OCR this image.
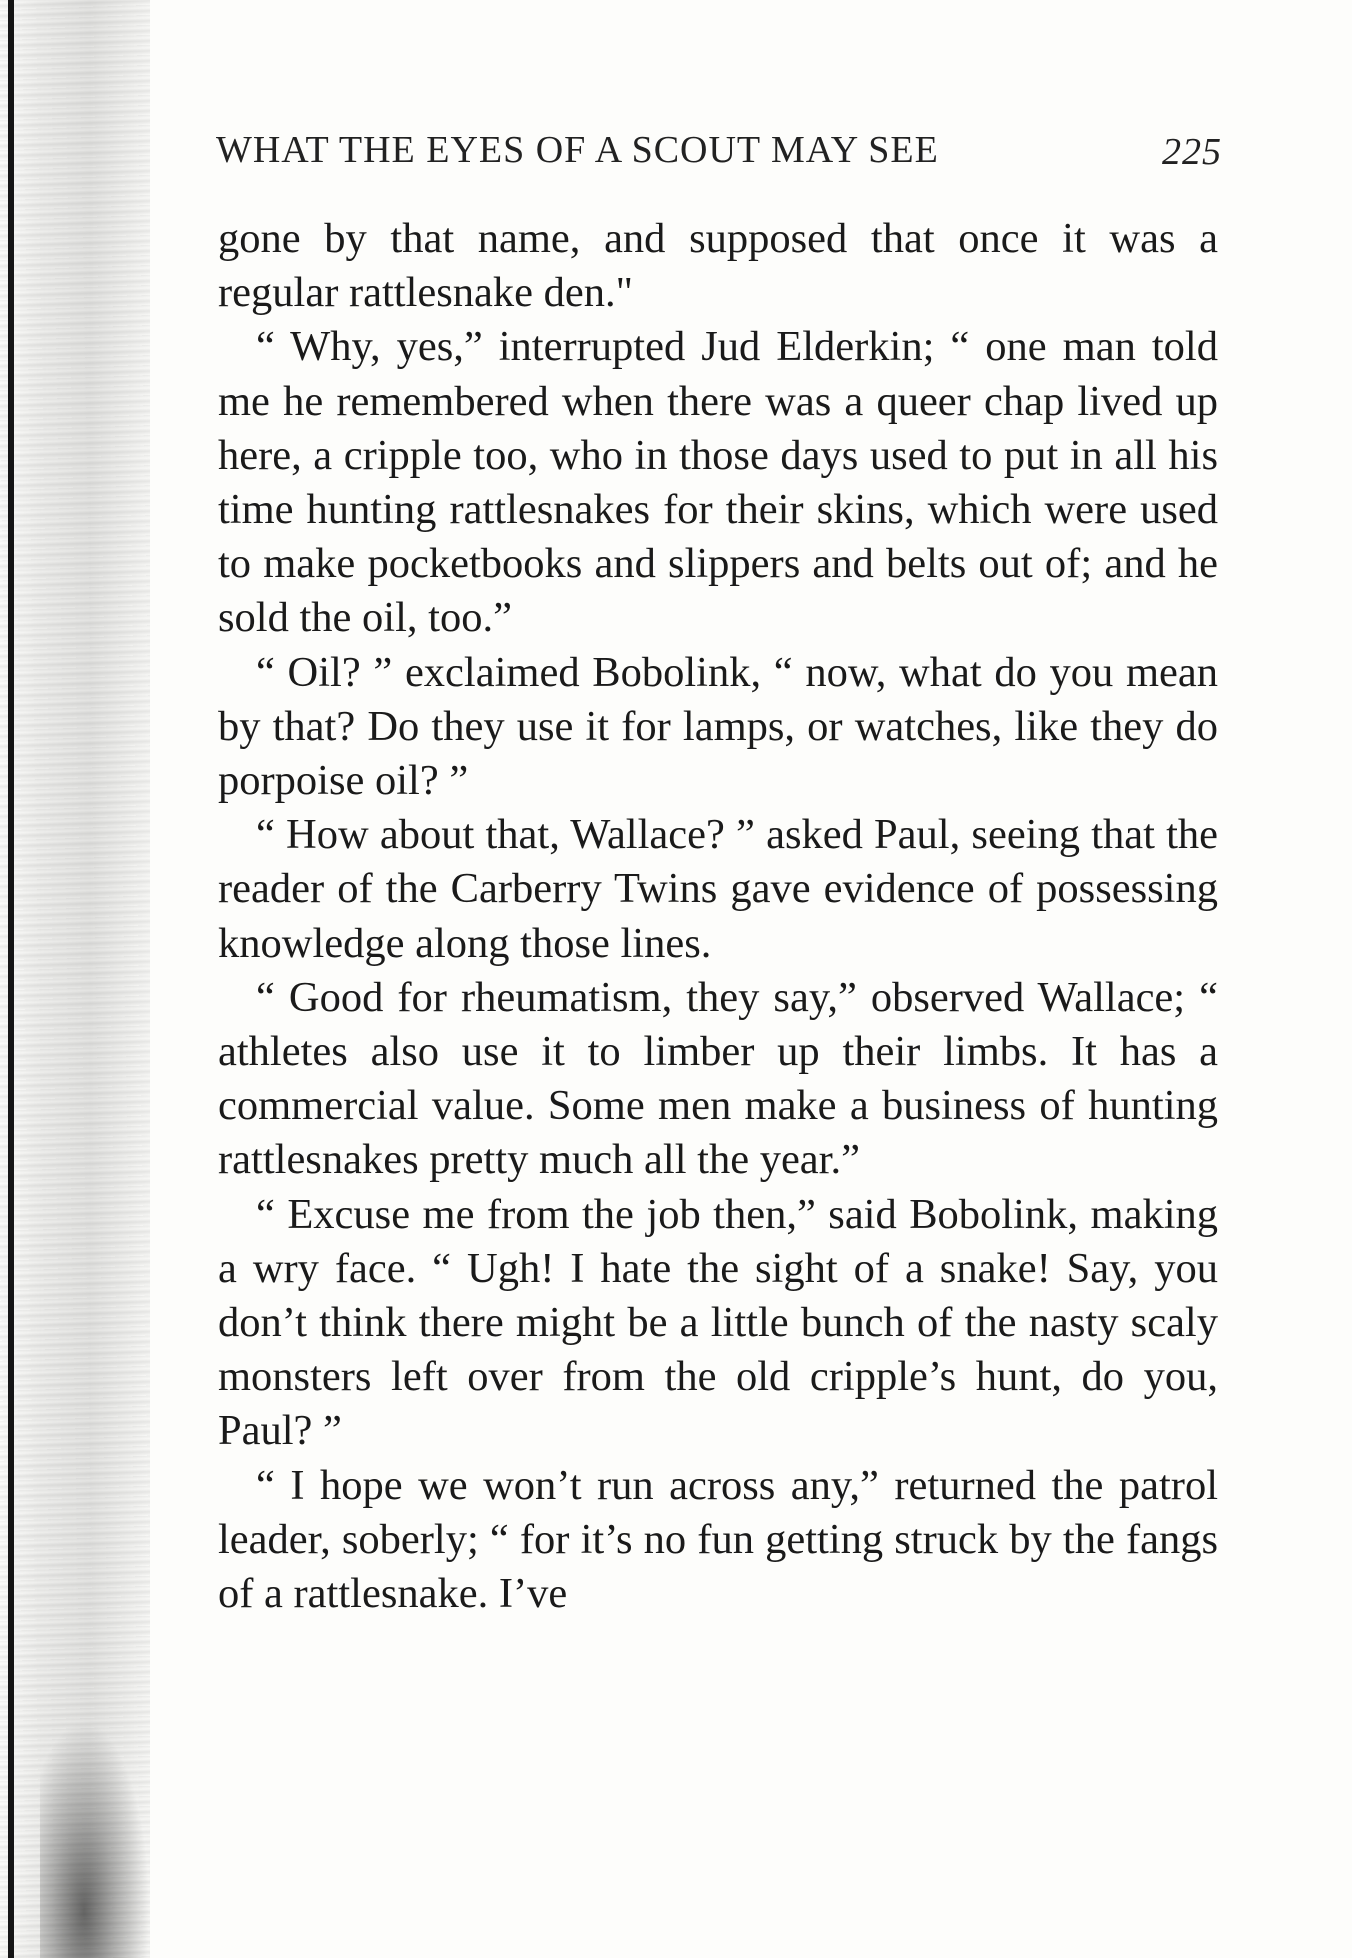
WHAT THE EYES OF A SCOUT MAY SEE	225

gone by that name, and supposed that once it was a regular rattlesnake den."

“ Why, yes,” interrupted Jud Elderkin; “ one man told me he remembered when there was a queer chap lived up here, a cripple too, who in those days used to put in all his time hunting rattlesnakes for their skins, which were used to make pocketbooks and slippers and belts out of; and he sold the oil, too.”

“ Oil? ” exclaimed Bobolink, “ now, what do you mean by that? Do they use it for lamps, or watches, like they do porpoise oil? ”

“ How about that, Wallace? ” asked Paul, seeing that the reader of the Carberry Twins gave evidence of possessing knowledge along those lines.

“ Good for rheumatism, they say,” observed Wallace; “ athletes also use it to limber up their limbs. It has a commercial value. Some men make a business of hunting rattlesnakes pretty much all the year.”

“ Excuse me from the job then,” said Bobolink, making a wry face. “ Ugh! I hate the sight of a snake! Say, you don’t think there might be a little bunch of the nasty scaly monsters left over from the old cripple’s hunt, do you, Paul? ”

“ I hope we won’t run across any,” returned the patrol leader, soberly; “ for it’s no fun getting struck by the fangs of a rattlesnake. I’ve
